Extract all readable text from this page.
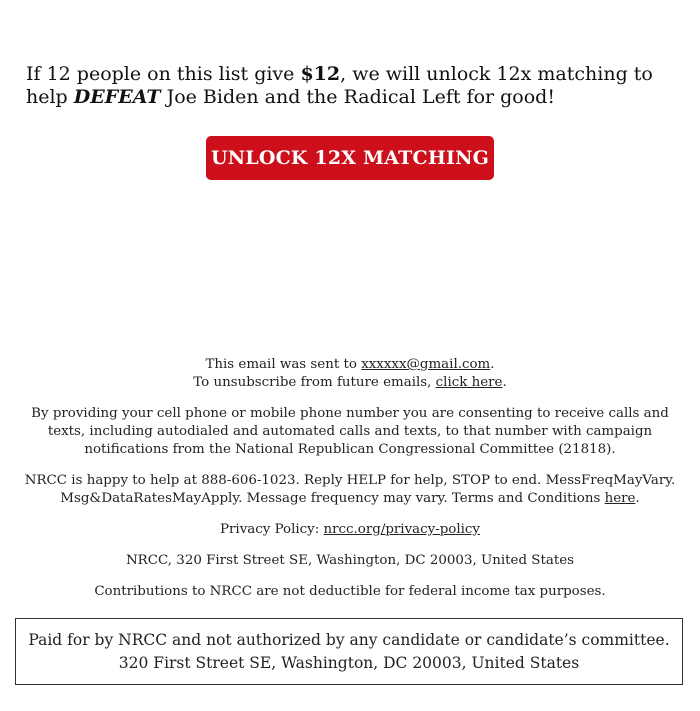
If 12 people on this list give $12, we will unlock 12x matching to help DEFEAT Joe Biden and the Radical Left for good!
UNLOCK 12X MATCHING

This email was sent to xxxxxx@gmail.com.
To unsubscribe from future emails, click here.

By providing your cell phone or mobile phone number you are consenting to receive calls and texts, including autodialed and automated calls and texts, to that number with campaign notifications from the National Republican Congressional Committee (21818).

NRCC is happy to help at 888-606-1023. Reply HELP for help, STOP to end. MessFreqMayVary. Msg&DataRatesMayApply. Message frequency may vary. Terms and Conditions here.

Privacy Policy: nrcc.org/privacy-policy

NRCC, 320 First Street SE, Washington, DC 20003, United States

Contributions to NRCC are not deductible for federal income tax purposes.

Paid for by NRCC and not authorized by any candidate or candidate’s committee. 320 First Street SE, Washington, DC 20003, United States
